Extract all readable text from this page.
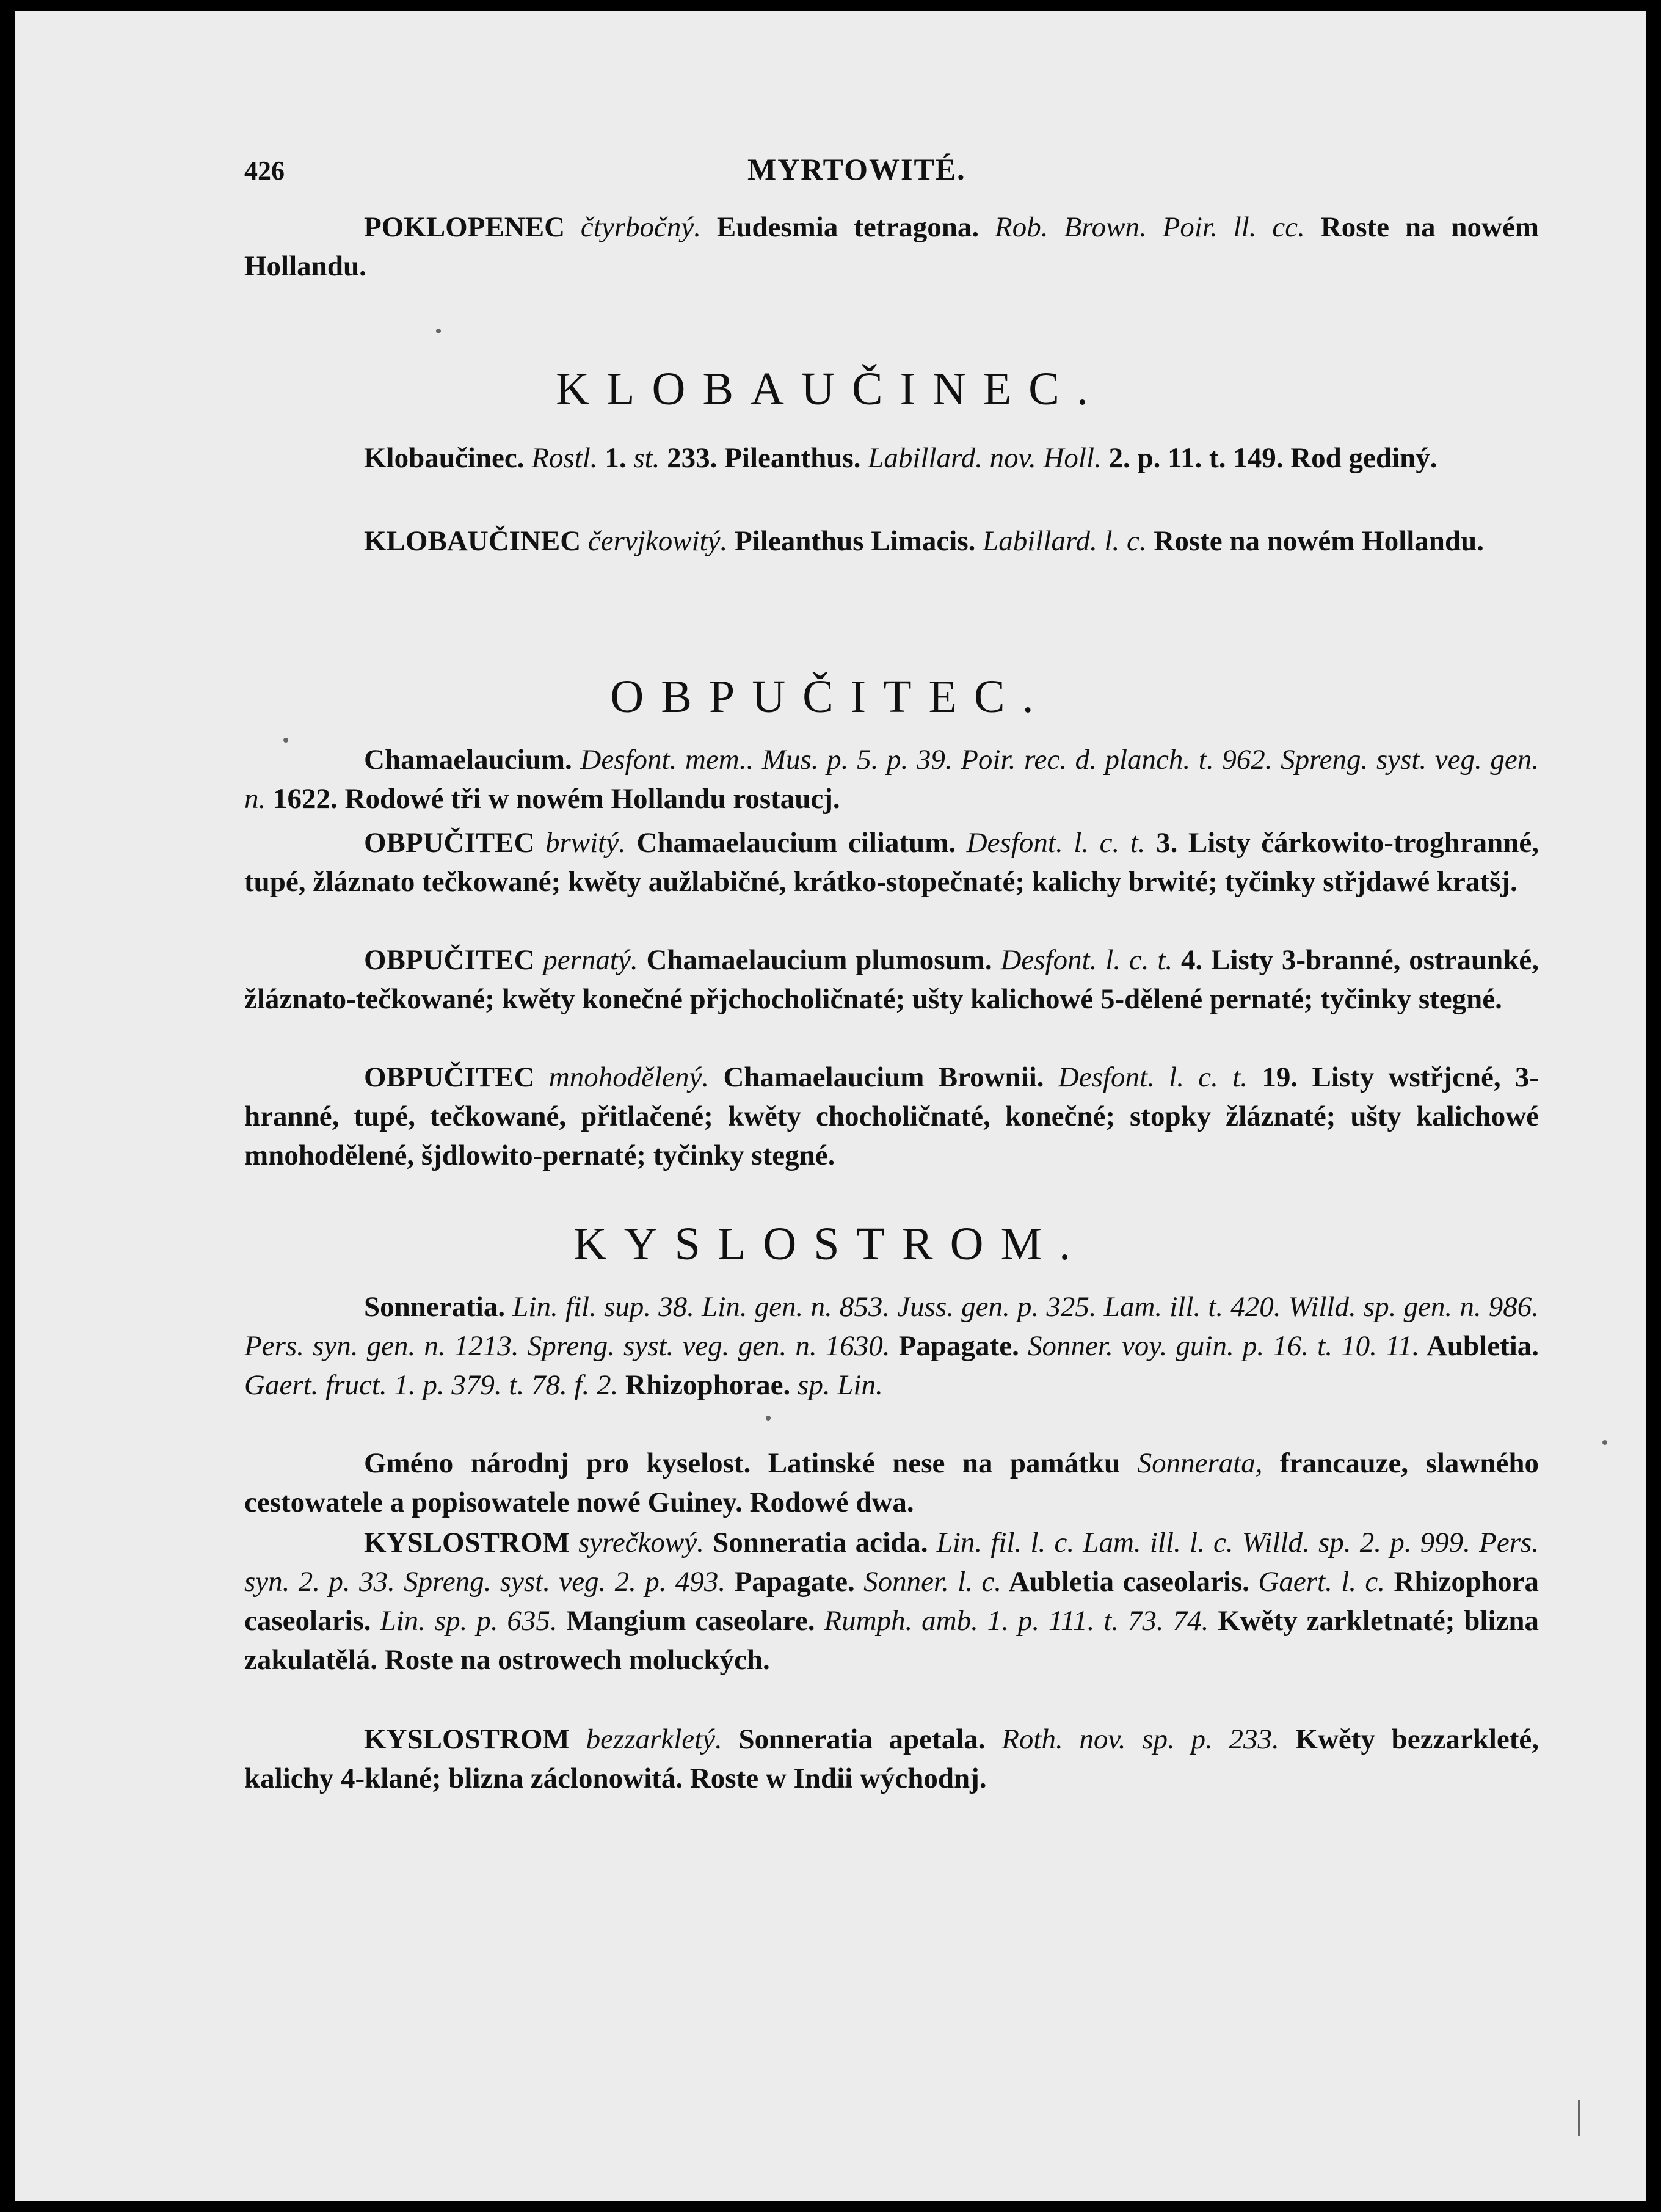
426	MYRTOWITÉ.
POKLOPENEC čtyrbočný. Eudesmia tetragona. Rob. Brown. Poir. ll. cc. Roste na nowém Hollandu.
KLOBAUČINEC.
Klobaučinec. Rostl. 1. st. 233. Pileanthus. Labillard. nov. Holl. 2. p. 11. t. 149. Rod gediný.
KLOBAUČINEC červjkowitý. Pileanthus Limacis. Labillard. l. c. Roste na nowém Hollandu.
OBPUČITEC.
Chamaelaucium. Desfont. mem.. Mus. p. 5. p. 39. Poir. rec. d. planch. t. 962. Spreng. syst. veg. gen. n. 1622. Rodowé tři w nowém Hollandu rostaucj.
OBPUČITEC brwitý. Chamaelaucium ciliatum. Desfont. l. c. t. 3. Listy čárkowito-troghranné, tupé, žláznato tečkowané; kwěty aužlabičné, krátko-stopečnaté; kalichy brwité; tyčinky střjdawé kratšj.
OBPUČITEC pernatý. Chamaelaucium plumosum. Desfont. l. c. t. 4. Listy 3-branné, ostraunké, žláznato-tečkowané; kwěty konečné přjchocholičnaté; ušty kalichowé 5-dělené pernaté; tyčinky stegné.
OBPUČITEC mnohodělený. Chamaelaucium Brownii. Desfont. l. c. t. 19. Listy wstřjcné, 3-hranné, tupé, tečkowané, přitlačené; kwěty chocholičnaté, konečné; stopky žláznaté; ušty kalichowé mnohodělené, šjdlowito-pernaté; tyčinky stegné.
KYSLOSTROM.
Sonneratia. Lin. fil. sup. 38. Lin. gen. n. 853. Juss. gen. p. 325. Lam. ill. t. 420. Willd. sp. gen. n. 986. Pers. syn. gen. n. 1213. Spreng. syst. veg. gen. n. 1630. Papagate. Sonner. voy. guin. p. 16. t. 10. 11. Aubletia. Gaert. fruct. 1. p. 379. t. 78. f. 2. Rhizophorae. sp. Lin.
Gméno národnj pro kyselost. Latinské nese na památku Sonnerata, francauze, slawného cestowatele a popisowatele nowé Guiney. Rodowé dwa.
KYSLOSTROM syrečkowý. Sonneratia acida. Lin. fil. l. c. Lam. ill. l. c. Willd. sp. 2. p. 999. Pers. syn. 2. p. 33. Spreng. syst. veg. 2. p. 493. Papagate. Sonner. l. c. Aubletia caseolaris. Gaert. l. c. Rhizophora caseolaris. Lin. sp. p. 635. Mangium caseolare. Rumph. amb. 1. p. 111. t. 73. 74. Kwěty zarkletnaté; blizna zakulatělá. Roste na ostrowech moluckých.
KYSLOSTROM bezzarkletý. Sonneratia apetala. Roth. nov. sp. p. 233. Kwěty bezzarkleté, kalichy 4-klané; blizna záclonowitá. Roste w Indii wýchodnj.
